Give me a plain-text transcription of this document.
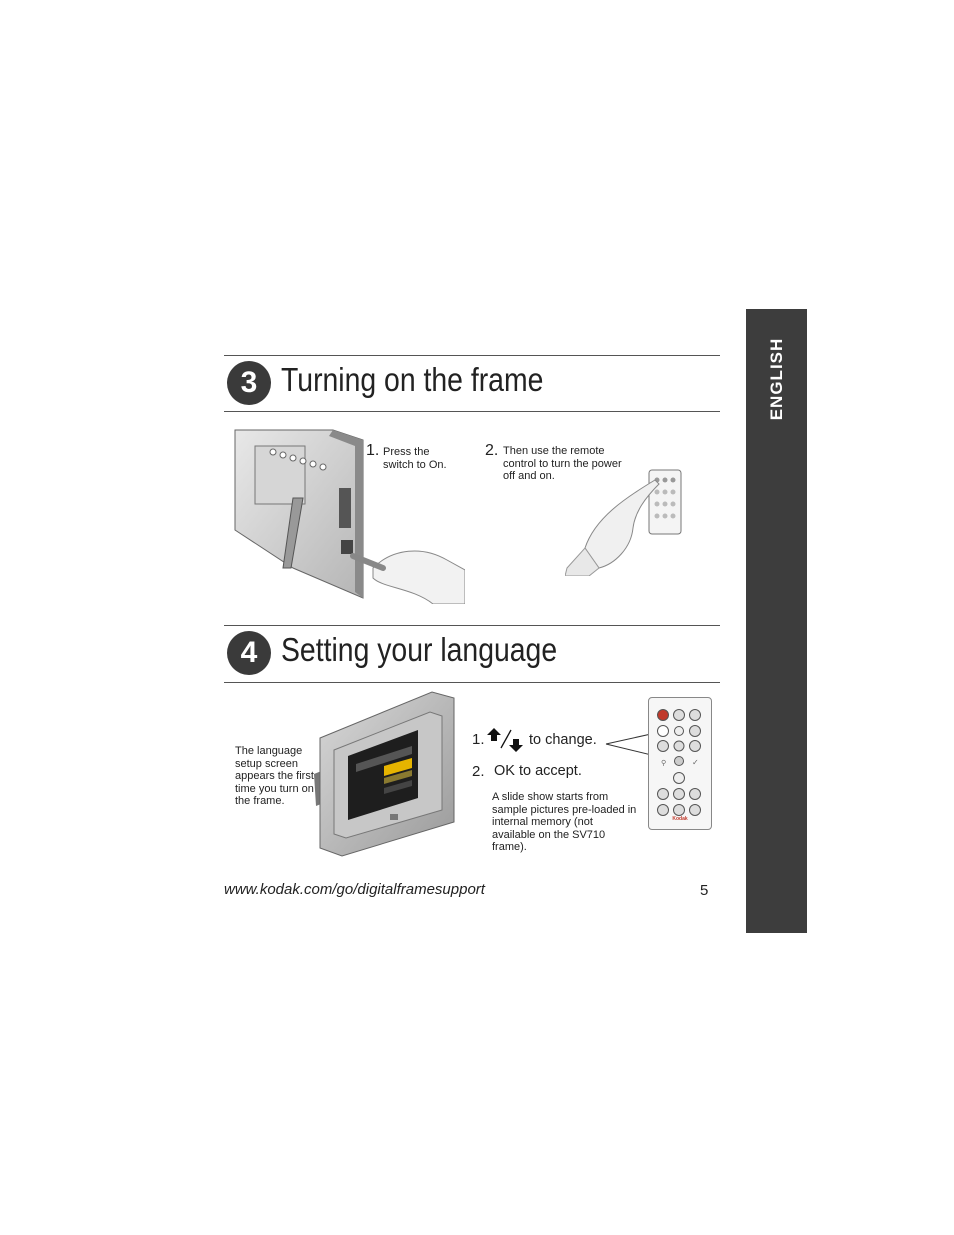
ENGLISH
3 Turning on the frame
1. Press the switch to On.
2. Then use the remote control to turn the power off and on.
4 Setting your language
The language setup screen appears the first time you turn on the frame.
1.	to change.
2. OK to accept.
A slide show starts from sample pictures pre-loaded in internal memory (not available on the SV710 frame).
⚲	✓
Kodak
www.kodak.com/go/digitalframesupport	5
